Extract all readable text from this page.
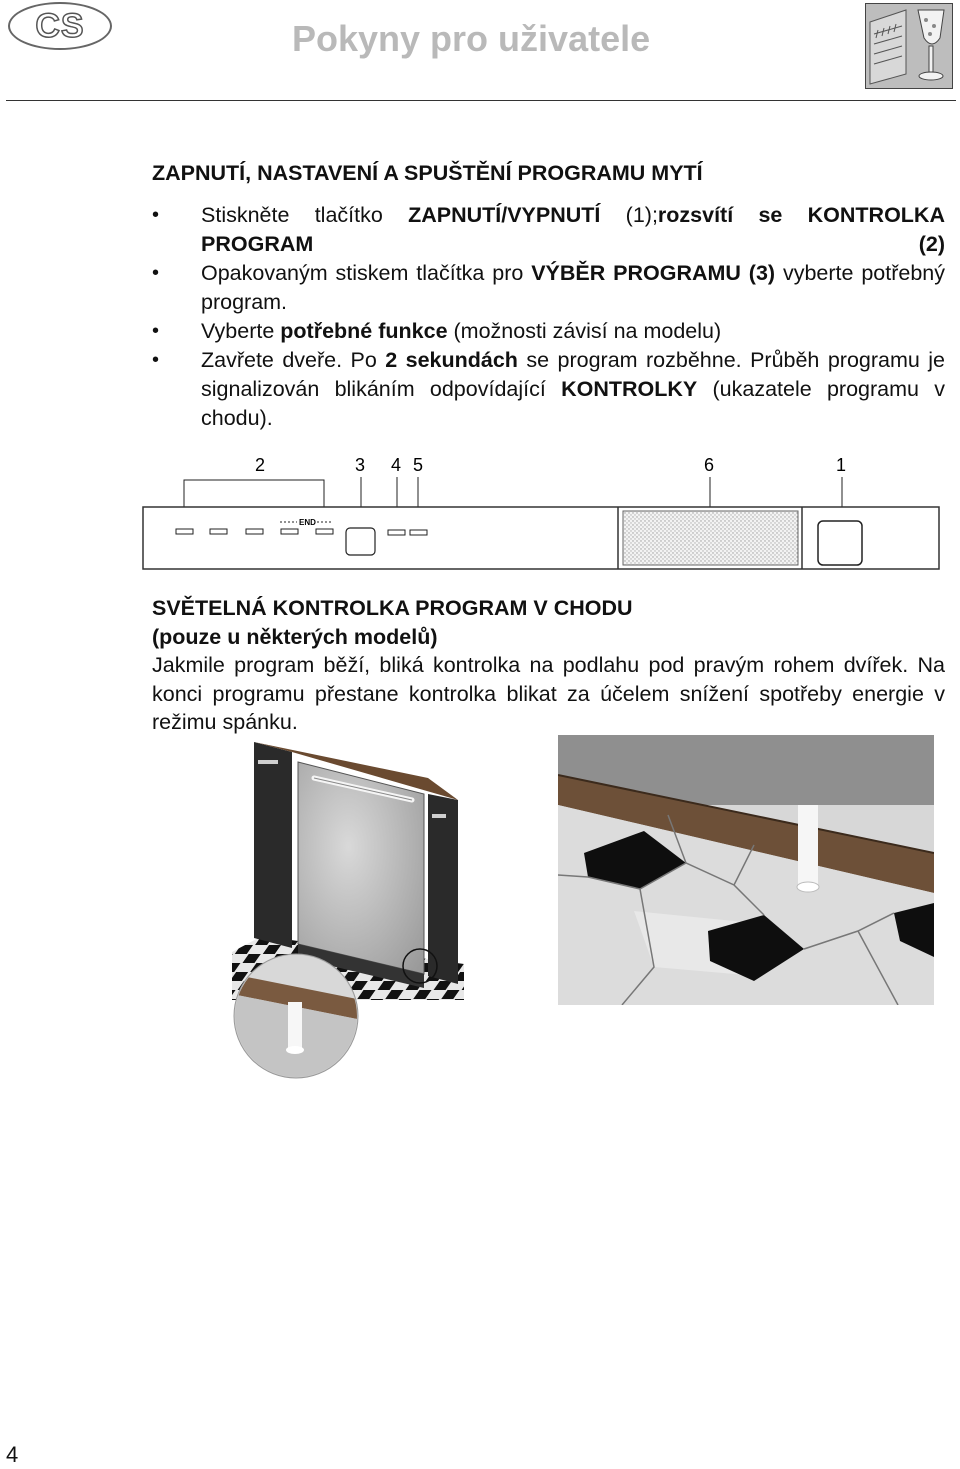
CS	Pokyny pro uživatele
ZAPNUTÍ, NASTAVENÍ A SPUŠTĚNÍ PROGRAMU MYTÍ
• Stiskněte tlačítko ZAPNUTÍ/VYPNUTÍ (1);rozsvítí se KONTROLKA PROGRAM (2)
• Opakovaným stiskem tlačítka pro VÝBĚR PROGRAMU (3) vyberte potřebný program.
• Vyberte potřebné funkce (možnosti závisí na modelu)
• Zavřete dveře. Po 2 sekundách se program rozběhne. Průběh programu je signalizován blikáním odpovídající KONTROLKY (ukazatele programu v chodu).
2	3 4 5	6	1
END
SVĚTELNÁ KONTROLKA PROGRAM V CHODU
(pouze u některých modelů)
Jakmile program běží, bliká kontrolka na podlahu pod pravým rohem dvířek. Na konci programu přestane kontrolka blikat za účelem snížení spotřeby energie v režimu spánku.
4
